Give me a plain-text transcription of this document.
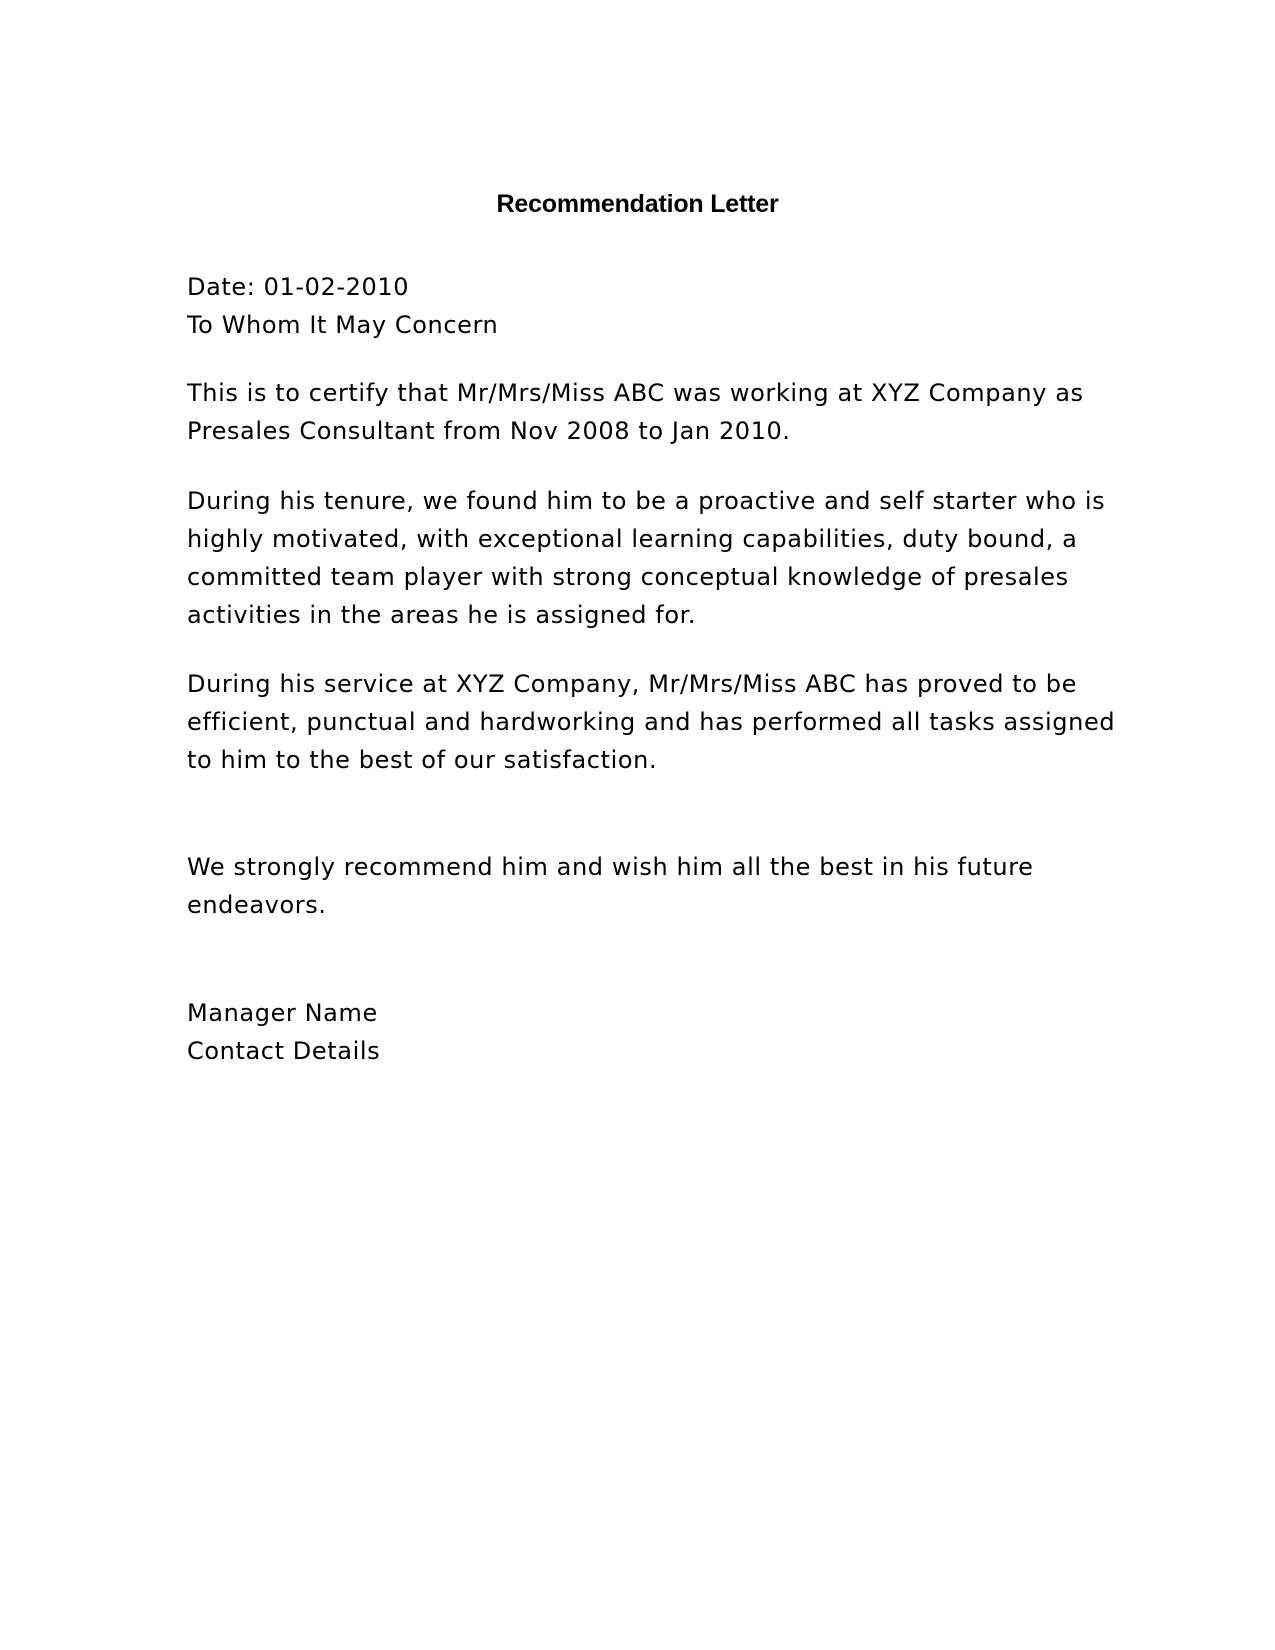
Recommendation Letter
Date: 01-02-2010
To Whom It May Concern
This is to certify that Mr/Mrs/Miss ABC was working at XYZ Company as
Presales Consultant from Nov 2008 to Jan 2010.
During his tenure, we found him to be a proactive and self starter who is
highly motivated, with exceptional learning capabilities, duty bound, a
committed team player with strong conceptual knowledge of presales
activities in the areas he is assigned for.
During his service at XYZ Company, Mr/Mrs/Miss ABC has proved to be
efficient, punctual and hardworking and has performed all tasks assigned
to him to the best of our satisfaction.
We strongly recommend him and wish him all the best in his future
endeavors.
Manager Name
Contact Details
